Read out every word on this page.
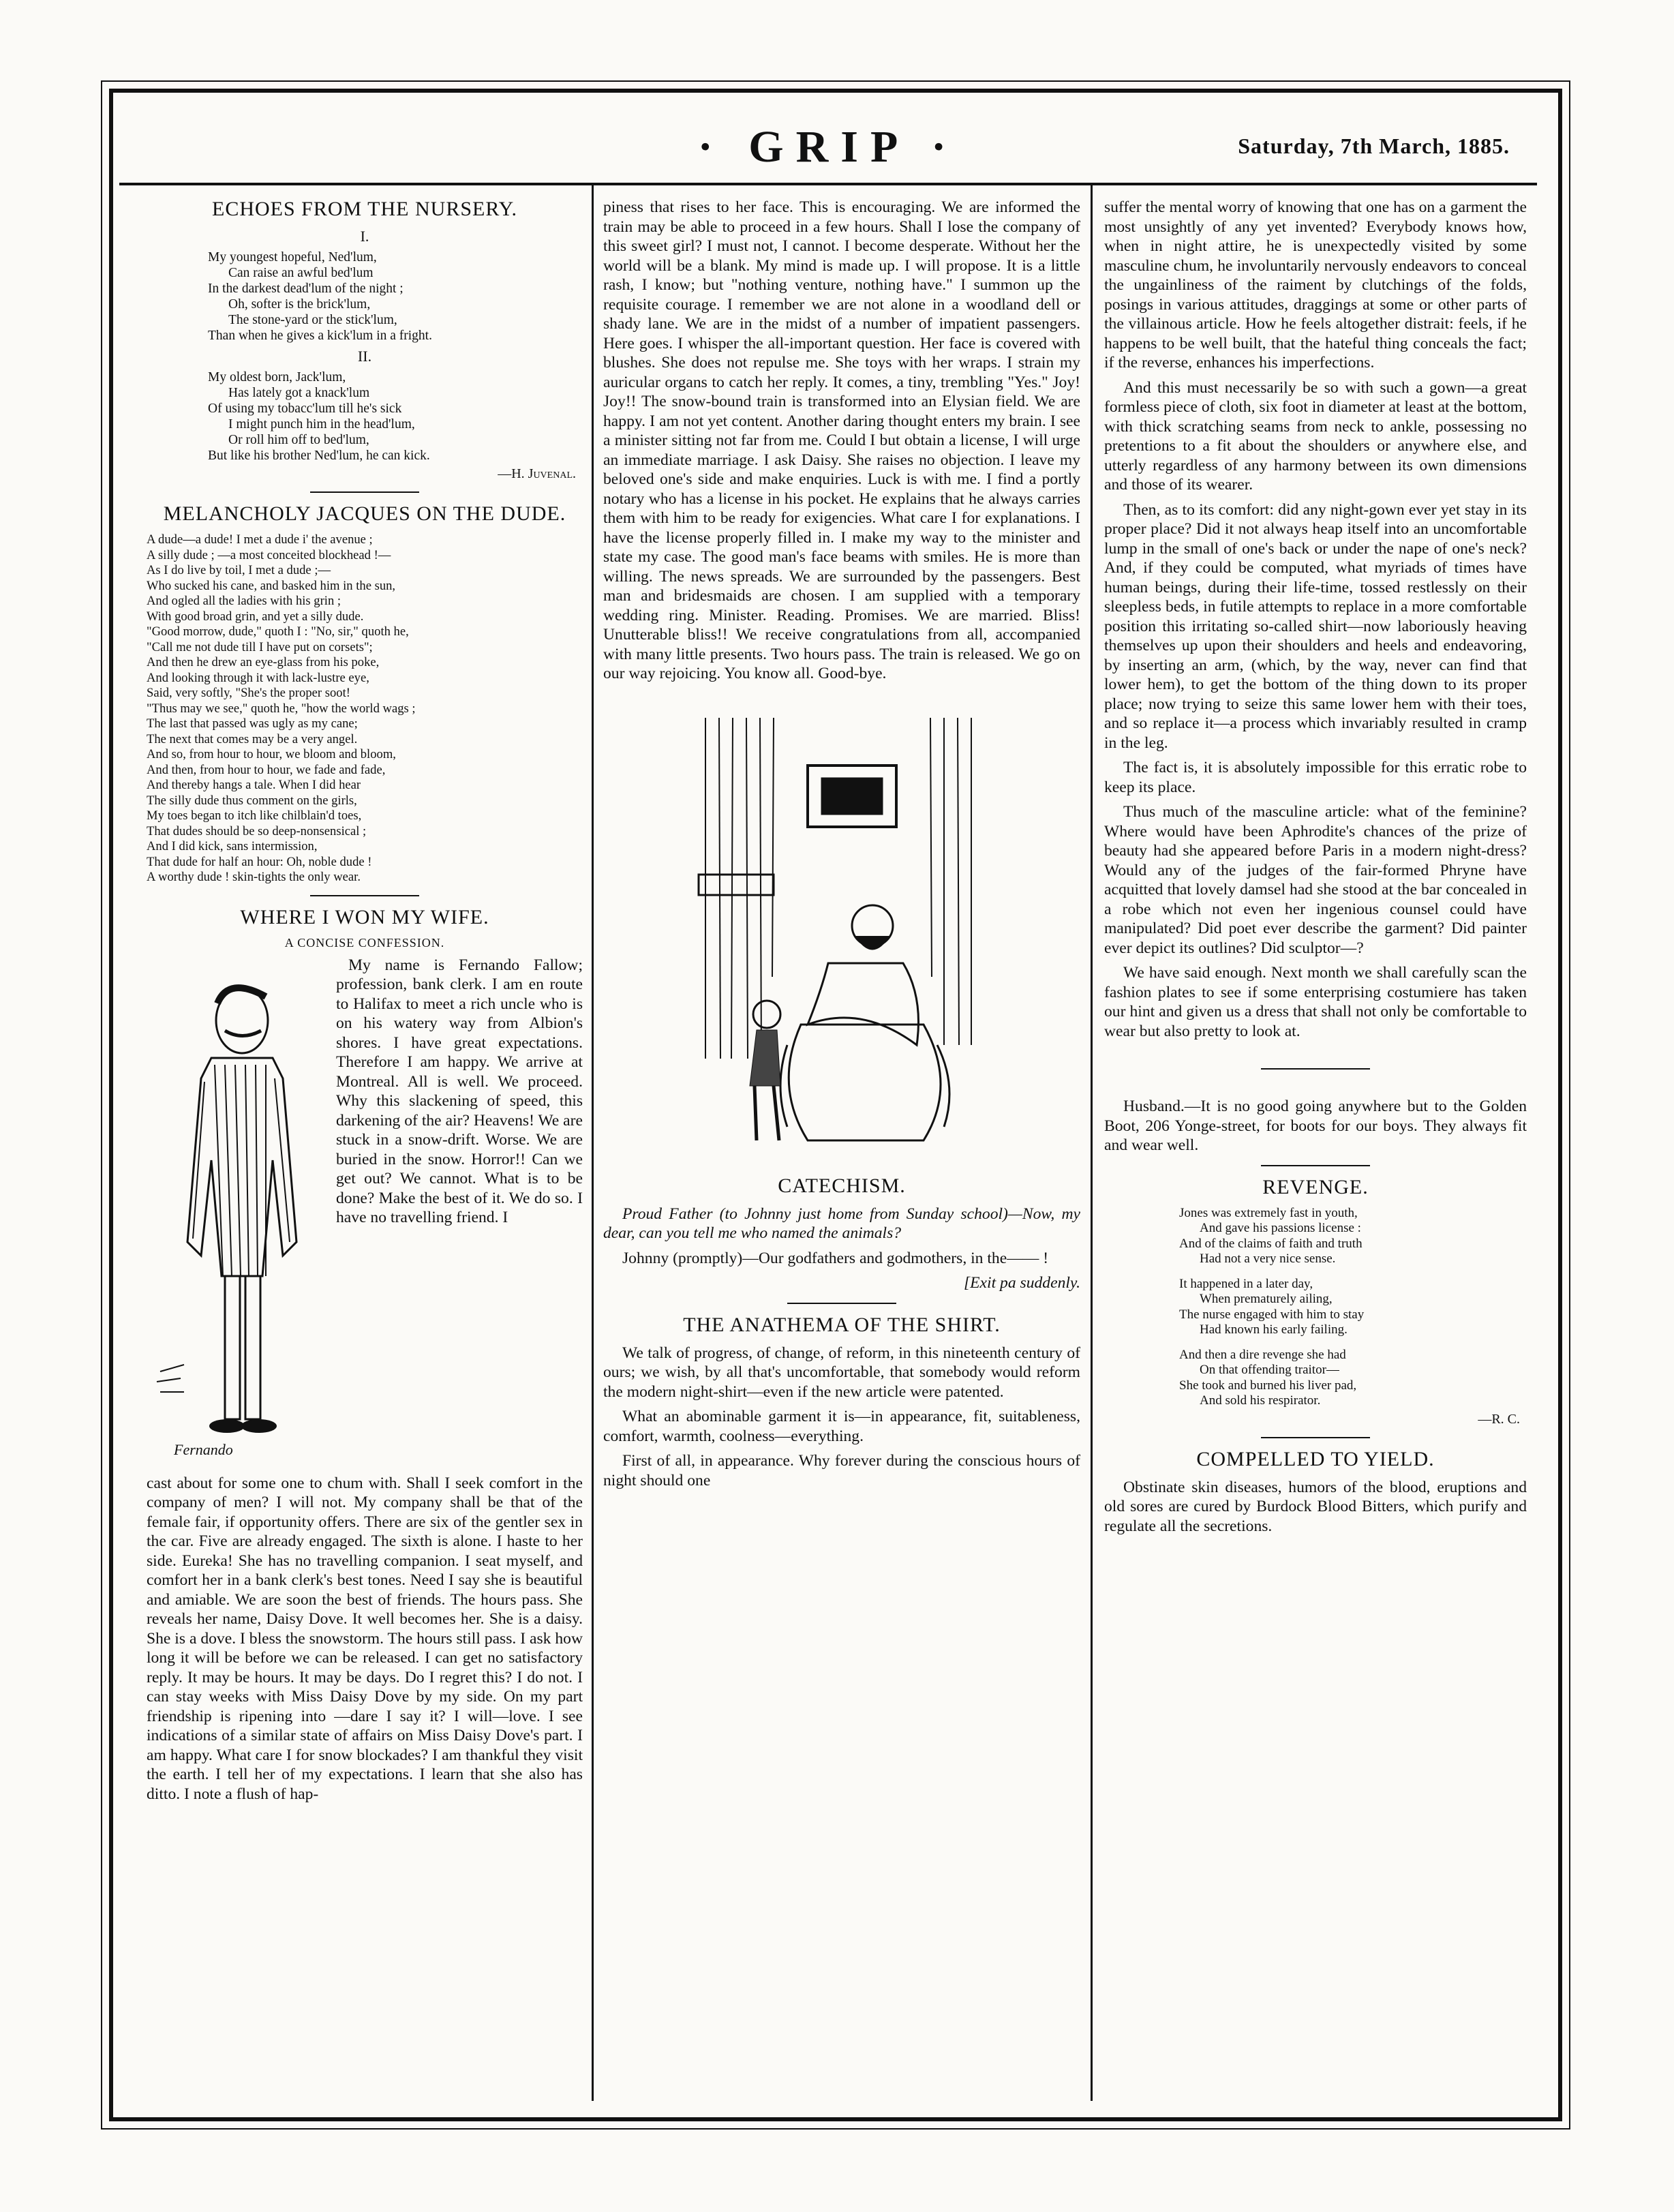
· GRIP ·	Saturday, 7th March, 1885.
ECHOES FROM THE NURSERY.
I.
My youngest hopeful, Ned'lum,
Can raise an awful bed'lum
In the darkest dead'lum of the night ;
Oh, softer is the brick'lum,
The stone-yard or the stick'lum,
Than when he gives a kick'lum in a fright.
II.
My oldest born, Jack'lum,
Has lately got a knack'lum
Of using my tobacc'lum till he's sick
I might punch him in the head'lum,
Or roll him off to bed'lum,
But like his brother Ned'lum, he can kick.
—H. Juvenal.
MELANCHOLY JACQUES ON THE DUDE.
A dude—a dude! I met a dude i' the avenue ;
A silly dude ; —a most conceited blockhead !—
As I do live by toil, I met a dude ;—
Who sucked his cane, and basked him in the sun,
And ogled all the ladies with his grin ;
With good broad grin, and yet a silly dude.
"Good morrow, dude," quoth I : "No, sir," quoth he,
"Call me not dude till I have put on corsets";
And then he drew an eye-glass from his poke,
And looking through it with lack-lustre eye,
Said, very softly, "She's the proper soot!
"Thus may we see," quoth he, "how the world wags ;
The last that passed was ugly as my cane;
The next that comes may be a very angel.
And so, from hour to hour, we bloom and bloom,
And then, from hour to hour, we fade and fade,
And thereby hangs a tale. When I did hear
The silly dude thus comment on the girls,
My toes began to itch like chilblain'd toes,
That dudes should be so deep-nonsensical ;
And I did kick, sans intermission,
That dude for half an hour: Oh, noble dude !
A worthy dude ! skin-tights the only wear.
WHERE I WON MY WIFE.
A CONCISE CONFESSION.
Fernando

My name is Fernando Fallow; profession, bank clerk. I am en route to Halifax to meet a rich uncle who is on his watery way from Albion's shores. I have great expectations. Therefore I am happy. We arrive at Montreal. All is well. We proceed. Why this slackening of speed, this darkening of the air? Heavens! We are stuck in a snow-drift. Worse. We are buried in the snow. Horror!! Can we get out? We cannot. What is to be done? Make the best of it. We do so. I have no travelling friend. I

cast about for some one to chum with. Shall I seek comfort in the company of men? I will not. My company shall be that of the female fair, if opportunity offers. There are six of the gentler sex in the car. Five are already engaged. The sixth is alone. I haste to her side. Eureka! She has no travelling companion. I seat myself, and comfort her in a bank clerk's best tones. Need I say she is beautiful and amiable. We are soon the best of friends. The hours pass. She reveals her name, Daisy Dove. It well becomes her. She is a daisy. She is a dove. I bless the snowstorm. The hours still pass. I ask how long it will be before we can be released. I can get no satisfactory reply. It may be hours. It may be days. Do I regret this? I do not. I can stay weeks with Miss Daisy Dove by my side. On my part friendship is ripening into —dare I say it? I will—love. I see indications of a similar state of affairs on Miss Daisy Dove's part. I am happy. What care I for snow blockades? I am thankful they visit the earth. I tell her of my expectations. I learn that she also has ditto. I note a flush of hap-

piness that rises to her face. This is encouraging. We are informed the train may be able to proceed in a few hours. Shall I lose the company of this sweet girl? I must not, I cannot. I become desperate. Without her the world will be a blank. My mind is made up. I will propose. It is a little rash, I know; but "nothing venture, nothing have." I summon up the requisite courage. I remember we are not alone in a woodland dell or shady lane. We are in the midst of a number of impatient passengers. Here goes. I whisper the all-important question. Her face is covered with blushes. She does not repulse me. She toys with her wraps. I strain my auricular organs to catch her reply. It comes, a tiny, trembling "Yes." Joy! Joy!! The snow-bound train is transformed into an Elysian field. We are happy. I am not yet content. Another daring thought enters my brain. I see a minister sitting not far from me. Could I but obtain a license, I will urge an immediate marriage. I ask Daisy. She raises no objection. I leave my beloved one's side and make enquiries. Luck is with me. I find a portly notary who has a license in his pocket. He explains that he always carries them with him to be ready for exigencies. What care I for explanations. I have the license properly filled in. I make my way to the minister and state my case. The good man's face beams with smiles. He is more than willing. The news spreads. We are surrounded by the passengers. Best man and bridesmaids are chosen. I am supplied with a temporary wedding ring. Minister. Reading. Promises. We are married. Bliss! Unutterable bliss!! We receive congratulations from all, accompanied with many little presents. Two hours pass. The train is released. We go on our way rejoicing. You know all. Good-bye.

CATECHISM.

Proud Father (to Johnny just home from Sunday school)—Now, my dear, can you tell me who named the animals?

Johnny (promptly)—Our godfathers and godmothers, in the—— !

[Exit pa suddenly.

THE ANATHEMA OF THE SHIRT.

We talk of progress, of change, of reform, in this nineteenth century of ours; we wish, by all that's uncomfortable, that somebody would reform the modern night-shirt—even if the new article were patented.

What an abominable garment it is—in appearance, fit, suitableness, comfort, warmth, coolness—everything.

First of all, in appearance. Why forever during the conscious hours of night should one

suffer the mental worry of knowing that one has on a garment the most unsightly of any yet invented? Everybody knows how, when in night attire, he is unexpectedly visited by some masculine chum, he involuntarily nervously endeavors to conceal the ungainliness of the raiment by clutchings of the folds, posings in various attitudes, draggings at some or other parts of the villainous article. How he feels altogether distrait: feels, if he happens to be well built, that the hateful thing conceals the fact; if the reverse, enhances his imperfections.

And this must necessarily be so with such a gown—a great formless piece of cloth, six foot in diameter at least at the bottom, with thick scratching seams from neck to ankle, possessing no pretentions to a fit about the shoulders or anywhere else, and utterly regardless of any harmony between its own dimensions and those of its wearer.

Then, as to its comfort: did any night-gown ever yet stay in its proper place? Did it not always heap itself into an uncomfortable lump in the small of one's back or under the nape of one's neck? And, if they could be computed, what myriads of times have human beings, during their life-time, tossed restlessly on their sleepless beds, in futile attempts to replace in a more comfortable position this irritating so-called shirt—now laboriously heaving themselves up upon their shoulders and heels and endeavoring, by inserting an arm, (which, by the way, never can find that lower hem), to get the bottom of the thing down to its proper place; now trying to seize this same lower hem with their toes, and so replace it—a process which invariably resulted in cramp in the leg.

The fact is, it is absolutely impossible for this erratic robe to keep its place.

Thus much of the masculine article: what of the feminine? Where would have been Aphrodite's chances of the prize of beauty had she appeared before Paris in a modern night-dress? Would any of the judges of the fair-formed Phryne have acquitted that lovely damsel had she stood at the bar concealed in a robe which not even her ingenious counsel could have manipulated? Did poet ever describe the garment? Did painter ever depict its outlines? Did sculptor—?

We have said enough. Next month we shall carefully scan the fashion plates to see if some enterprising costumiere has taken our hint and given us a dress that shall not only be comfortable to wear but also pretty to look at.

Husband.—It is no good going anywhere but to the Golden Boot, 206 Yonge-street, for boots for our boys. They always fit and wear well.

REVENGE.
Jones was extremely fast in youth,
And gave his passions license :
And of the claims of faith and truth
Had not a very nice sense.
It happened in a later day,
When prematurely ailing,
The nurse engaged with him to stay
Had known his early failing.
And then a dire revenge she had
On that offending traitor—
She took and burned his liver pad,
And sold his respirator.
—R. C.
COMPELLED TO YIELD.

Obstinate skin diseases, humors of the blood, eruptions and old sores are cured by Burdock Blood Bitters, which purify and regulate all the secretions.
